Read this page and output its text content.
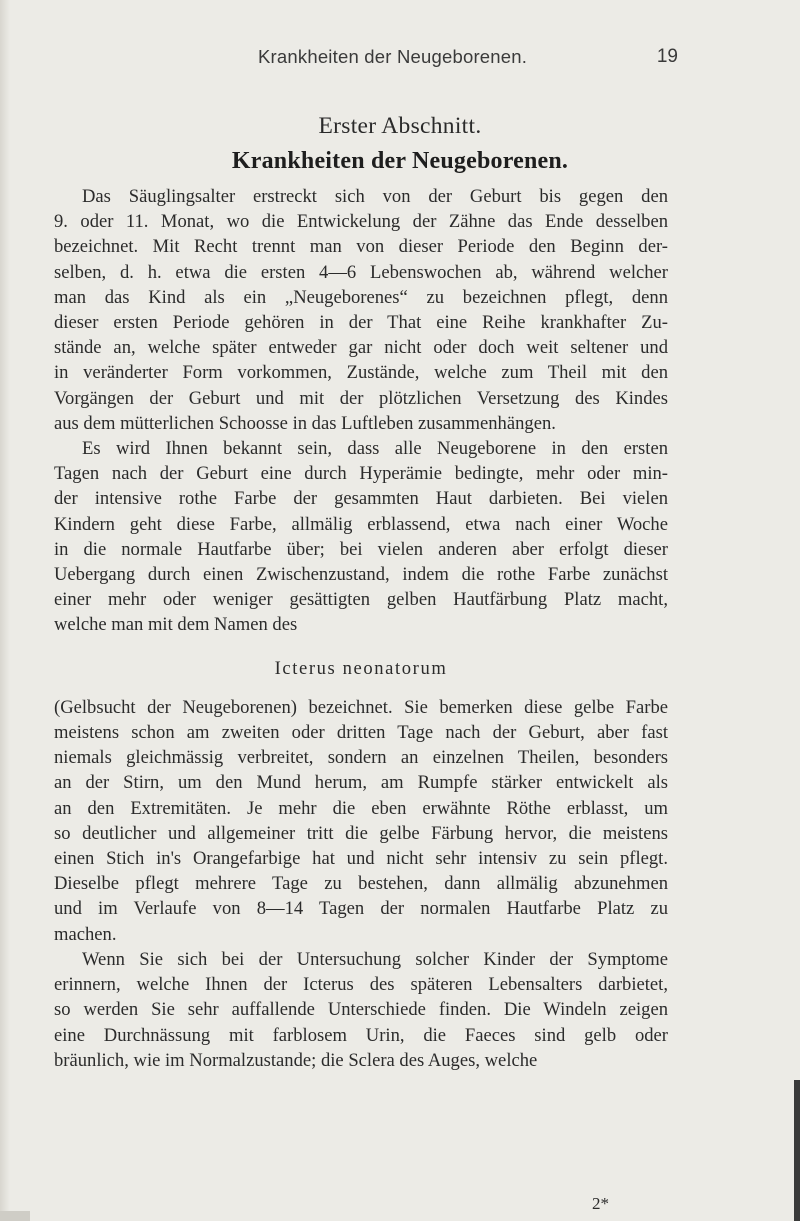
Krankheiten der Neugeborenen.	19
Erster Abschnitt.
Krankheiten der Neugeborenen.

Das Säuglingsalter erstreckt sich von der Geburt bis gegen den
9. oder 11. Monat, wo die Entwickelung der Zähne das Ende desselben
bezeichnet. Mit Recht trennt man von dieser Periode den Beginn der-
selben, d. h. etwa die ersten 4—6 Lebenswochen ab, während welcher
man das Kind als ein „Neugeborenes“ zu bezeichnen pflegt, denn
dieser ersten Periode gehören in der That eine Reihe krankhafter Zu-
stände an, welche später entweder gar nicht oder doch weit seltener und
in veränderter Form vorkommen, Zustände, welche zum Theil mit den
Vorgängen der Geburt und mit der plötzlichen Versetzung des Kindes
aus dem mütterlichen Schoosse in das Luftleben zusammenhängen.

Es wird Ihnen bekannt sein, dass alle Neugeborene in den ersten
Tagen nach der Geburt eine durch Hyperämie bedingte, mehr oder min-
der intensive rothe Farbe der gesammten Haut darbieten. Bei vielen
Kindern geht diese Farbe, allmälig erblassend, etwa nach einer Woche
in die normale Hautfarbe über; bei vielen anderen aber erfolgt dieser
Uebergang durch einen Zwischenzustand, indem die rothe Farbe zunächst
einer mehr oder weniger gesättigten gelben Hautfärbung Platz macht,
welche man mit dem Namen des

Icterus neonatorum

(Gelbsucht der Neugeborenen) bezeichnet. Sie bemerken diese gelbe Farbe
meistens schon am zweiten oder dritten Tage nach der Geburt, aber fast
niemals gleichmässig verbreitet, sondern an einzelnen Theilen, besonders
an der Stirn, um den Mund herum, am Rumpfe stärker entwickelt als
an den Extremitäten. Je mehr die eben erwähnte Röthe erblasst, um
so deutlicher und allgemeiner tritt die gelbe Färbung hervor, die meistens
einen Stich in's Orangefarbige hat und nicht sehr intensiv zu sein pflegt.
Dieselbe pflegt mehrere Tage zu bestehen, dann allmälig abzunehmen
und im Verlaufe von 8—14 Tagen der normalen Hautfarbe Platz zu
machen.

Wenn Sie sich bei der Untersuchung solcher Kinder der Symptome
erinnern, welche Ihnen der Icterus des späteren Lebensalters darbietet,
so werden Sie sehr auffallende Unterschiede finden. Die Windeln zeigen
eine Durchnässung mit farblosem Urin, die Faeces sind gelb oder
bräunlich, wie im Normalzustande; die Sclera des Auges, welche

2*
